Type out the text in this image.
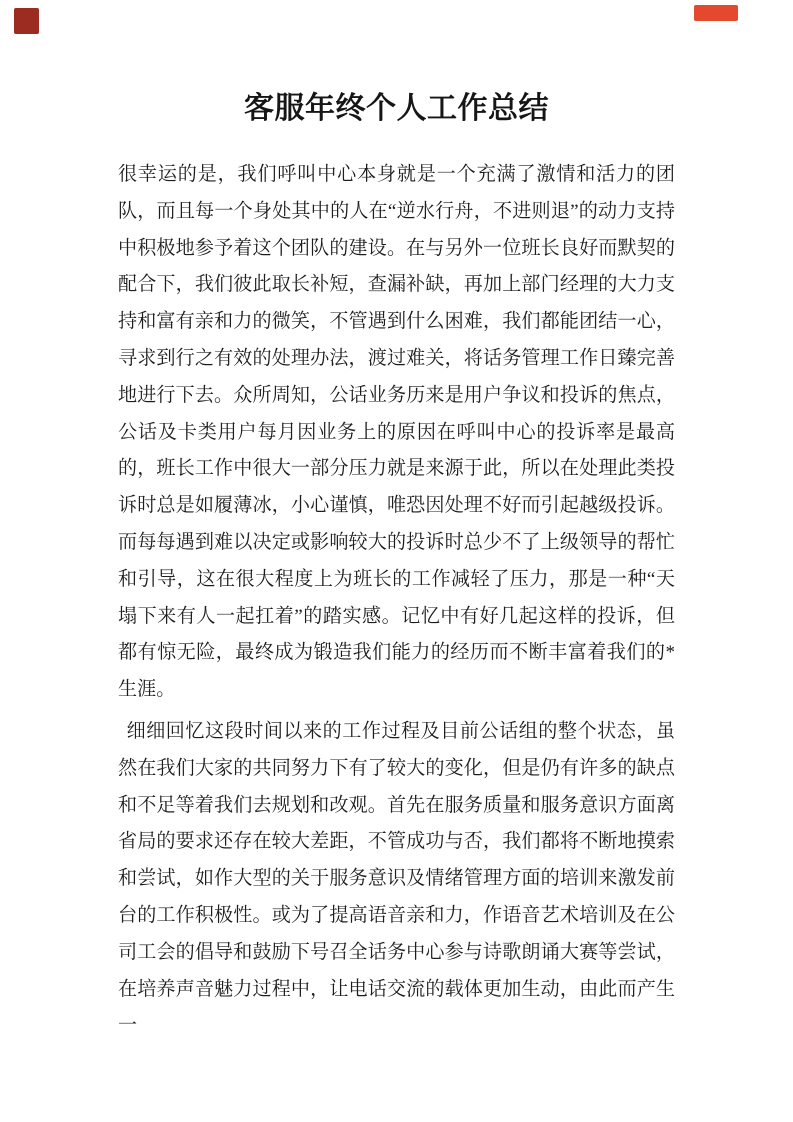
客服年终个人工作总结

很幸运的是，我们呼叫中心本身就是一个充满了激情和活力的团队，而且每一个身处其中的人在“逆水行舟，不进则退”的动力支持中积极地参予着这个团队的建设。在与另外一位班长良好而默契的配合下，我们彼此取长补短，查漏补缺，再加上部门经理的大力支持和富有亲和力的微笑，不管遇到什么困难，我们都能团结一心，寻求到行之有效的处理办法，渡过难关，将话务管理工作日臻完善地进行下去。众所周知，公话业务历来是用户争议和投诉的焦点，公话及卡类用户每月因业务上的原因在呼叫中心的投诉率是最高的，班长工作中很大一部分压力就是来源于此，所以在处理此类投诉时总是如履薄冰，小心谨慎，唯恐因处理不好而引起越级投诉。而每每遇到难以决定或影响较大的投诉时总少不了上级领导的帮忙和引导，这在很大程度上为班长的工作减轻了压力，那是一种“天塌下来有人一起扛着”的踏实感。记忆中有好几起这样的投诉，但都有惊无险，最终成为锻造我们能力的经历而不断丰富着我们的*生涯。

细细回忆这段时间以来的工作过程及目前公话组的整个状态，虽然在我们大家的共同努力下有了较大的变化，但是仍有许多的缺点和不足等着我们去规划和改观。首先在服务质量和服务意识方面离省局的要求还存在较大差距，不管成功与否，我们都将不断地摸索和尝试，如作大型的关于服务意识及情绪管理方面的培训来激发前台的工作积极性。或为了提高语音亲和力，作语音艺术培训及在公司工会的倡导和鼓励下号召全话务中心参与诗歌朗诵大赛等尝试，在培养声音魅力过程中，让电话交流的载体更加生动，由此而产生一
